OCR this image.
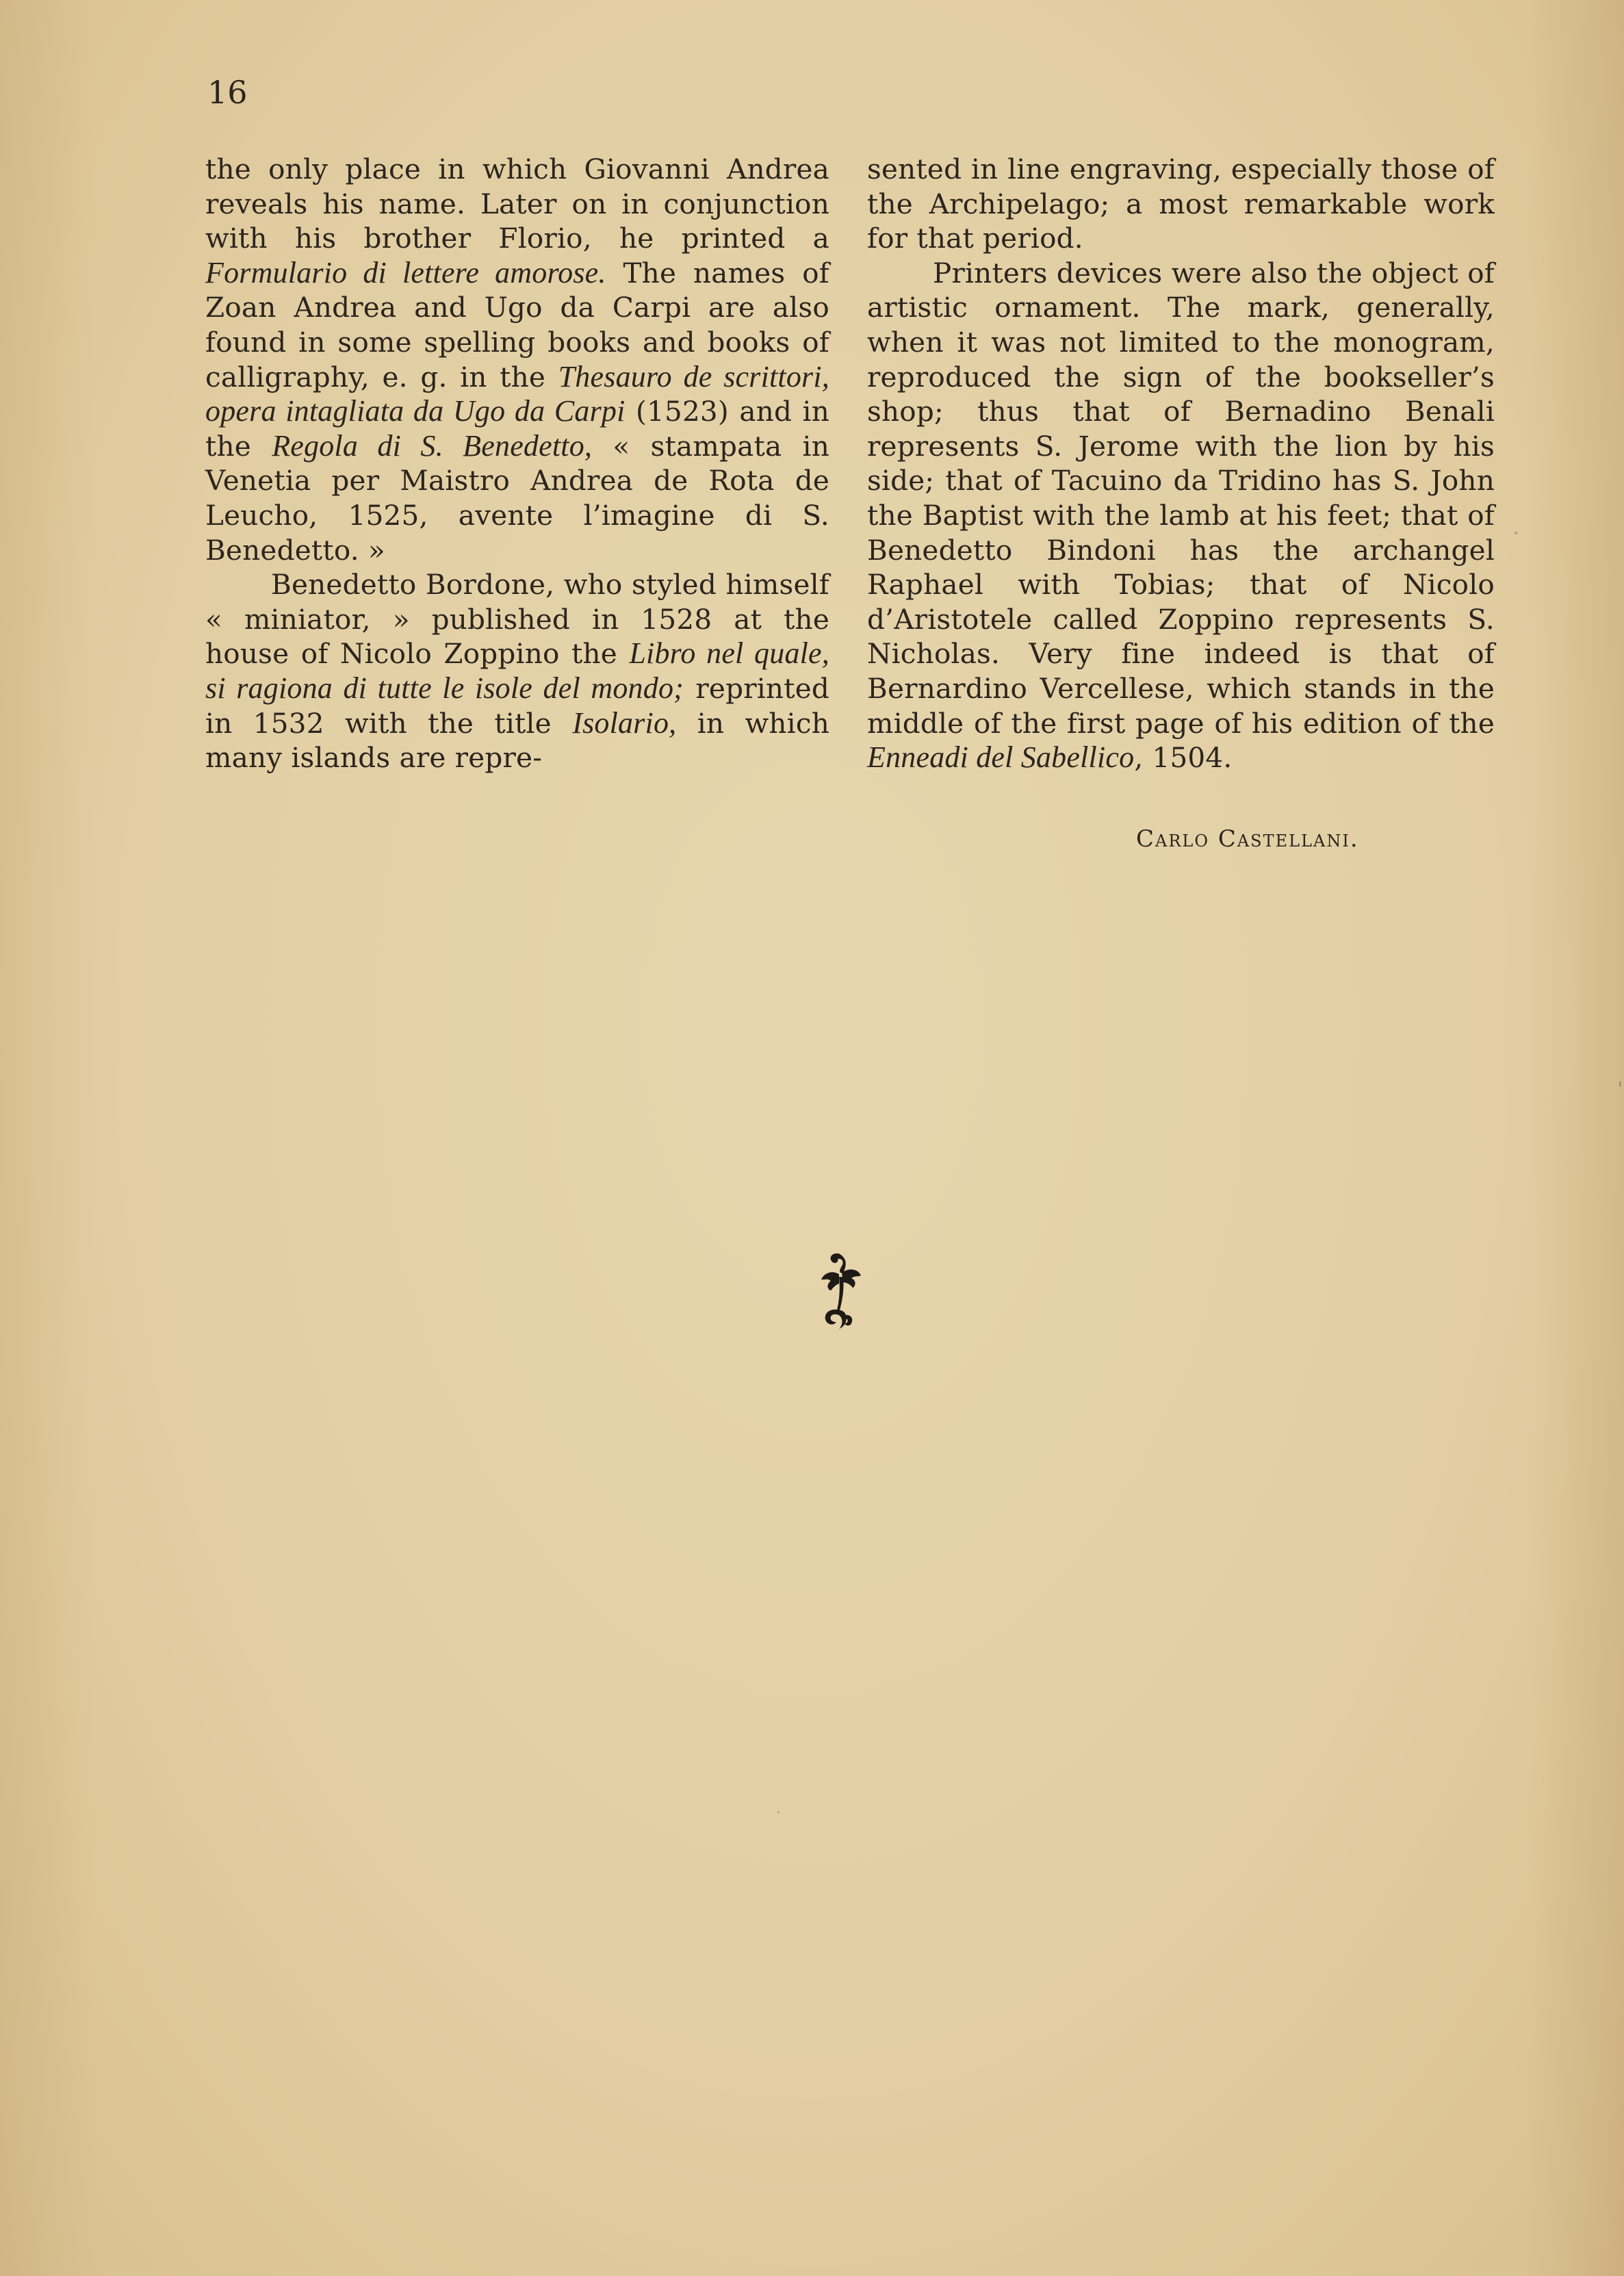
16

the only place in which Giovanni Andrea reveals his name. Later on in conjunction with his brother Florio, he printed a Formulario di lettere amorose. The names of Zoan Andrea and Ugo da Carpi are also found in some spelling books and books of calligraphy, e. g. in the Thesauro de scrittori, opera intagliata da Ugo da Carpi (1523) and in the Regola di S. Benedetto, « stampata in Venetia per Maistro Andrea de Rota de Leucho, 1525, avente l’imagine di S. Benedetto. »

Benedetto Bordone, who styled himself « miniator, » published in 1528 at the house of Nicolo Zoppino the Libro nel quale, si ragiona di tutte le isole del mondo; reprinted in 1532 with the title Isolario, in which many islands are repre-

sented in line engraving, especially those of the Archipelago; a most remarkable work for that period.

Printers devices were also the object of artistic ornament. The mark, generally, when it was not limited to the monogram, reproduced the sign of the bookseller’s shop; thus that of Bernadino Benali represents S. Jerome with the lion by his side; that of Tacuino da Tridino has S. John the Baptist with the lamb at his feet; that of Benedetto Bindoni has the archangel Raphael with Tobias; that of Nicolo d’Aristotele called Zoppino represents S. Nicholas. Very fine indeed is that of Bernardino Vercellese, which stands in the middle of the first page of his edition of the Enneadi del Sabellico, 1504.

Carlo Castellani.
